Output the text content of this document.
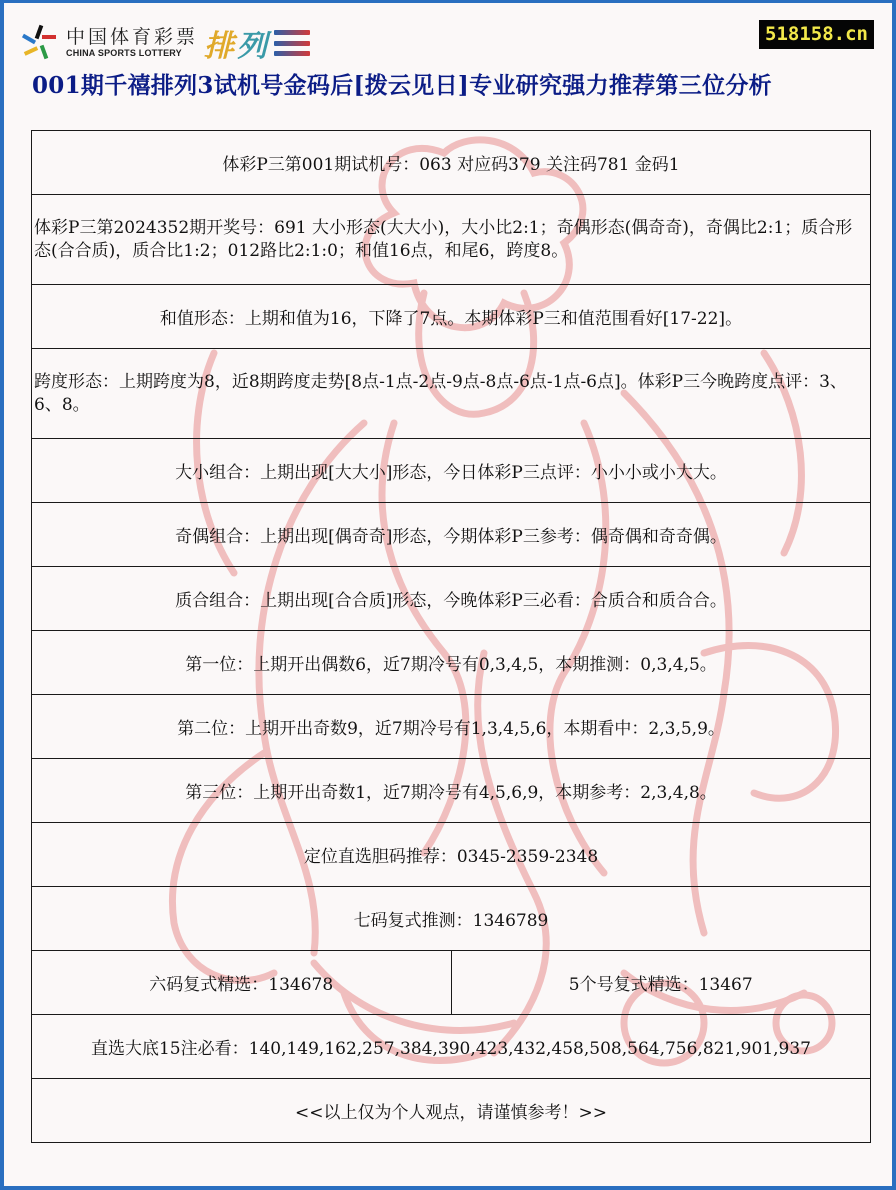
中国体育彩票
CHINA SPORTS LOTTERY 排 列	518158.cn
001期千禧排列3试机号金码后[拨云见日]专业研究强力推荐第三位分析
体彩P三第001期试机号：063 对应码379 关注码781 金码1
体彩P三第2024352期开奖号：691 大小形态(大大小)，大小比2:1；奇偶形态(偶奇奇)，奇偶比2:1；质合形态(合合质)，质合比1:2；012路比2:1:0；和值16点，和尾6，跨度8。
和值形态：上期和值为16，下降了7点。本期体彩P三和值范围看好[17-22]。
跨度形态：上期跨度为8，近8期跨度走势[8点-1点-2点-9点-8点-6点-1点-6点]。体彩P三今晚跨度点评：3、6、8。
大小组合：上期出现[大大小]形态，今日体彩P三点评：小小小或小大大。
奇偶组合：上期出现[偶奇奇]形态，今期体彩P三参考：偶奇偶和奇奇偶。
质合组合：上期出现[合合质]形态，今晚体彩P三必看：合质合和质合合。
第一位：上期开出偶数6，近7期冷号有0,3,4,5，本期推测：0,3,4,5。
第二位：上期开出奇数9，近7期冷号有1,3,4,5,6，本期看中：2,3,5,9。
第三位：上期开出奇数1，近7期冷号有4,5,6,9，本期参考：2,3,4,8。
定位直选胆码推荐：0345-2359-2348
七码复式推测：1346789
六码复式精选：134678	5个号复式精选：13467
直选大底15注必看：140,149,162,257,384,390,423,432,458,508,564,756,821,901,937
<<以上仅为个人观点，请谨慎参考！>>
